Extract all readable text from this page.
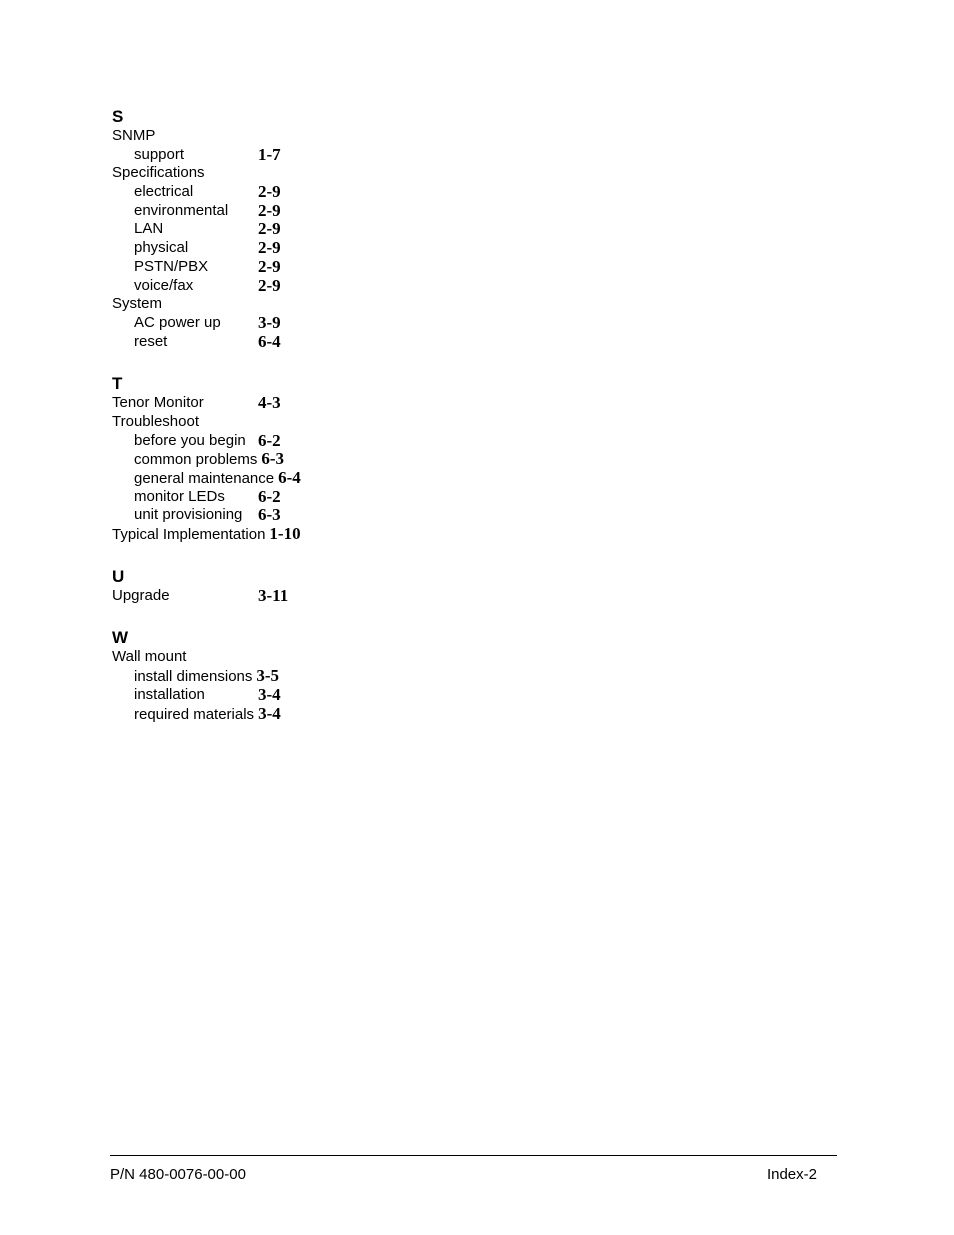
S
SNMP
support	1-7
Specifications
electrical	2-9
environmental 2-9
LAN	2-9
physical	2-9
PSTN/PBX	2-9
voice/fax	2-9
System
AC power up 3-9
reset	6-4
T
Tenor Monitor	4-3
Troubleshoot
before you begin 6-2
common problems 6-3
general maintenance 6-4
monitor LEDs 6-2
unit provisioning 6-3
Typical Implementation 1-10
U
Upgrade	3-11
W
Wall mount
install dimensions 3-5
installation	3-4
required materials 3-4
P/N 480-0076-00-00	Index-2
